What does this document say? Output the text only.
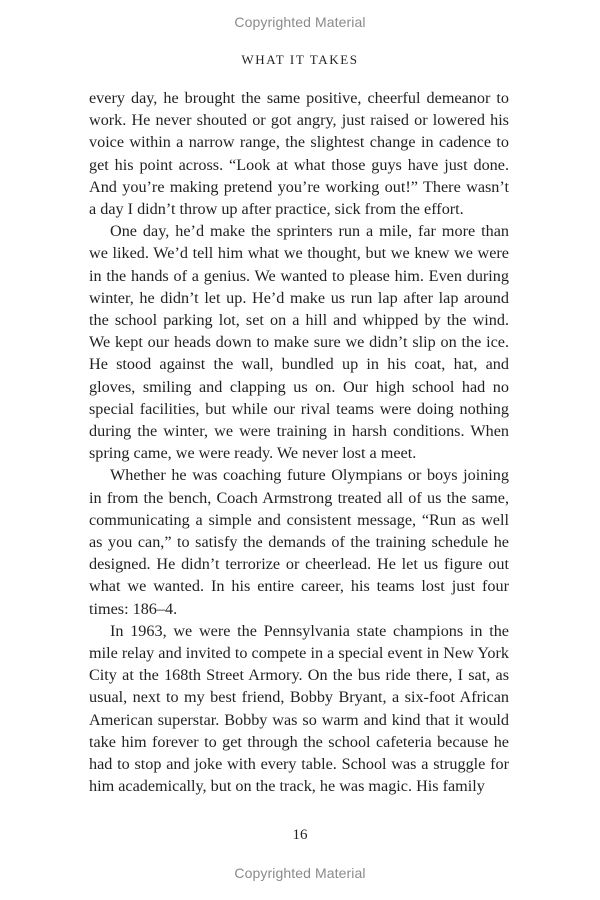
Copyrighted Material
WHAT IT TAKES

every day, he brought the same positive, cheerful demeanor to work. He never shouted or got angry, just raised or lowered his voice within a narrow range, the slightest change in cadence to get his point across. “Look at what those guys have just done. And you’re making pretend you’re working out!” There wasn’t a day I didn’t throw up after practice, sick from the effort.

One day, he’d make the sprinters run a mile, far more than we liked. We’d tell him what we thought, but we knew we were in the hands of a genius. We wanted to please him. Even during winter, he didn’t let up. He’d make us run lap after lap around the school parking lot, set on a hill and whipped by the wind. We kept our heads down to make sure we didn’t slip on the ice. He stood against the wall, bundled up in his coat, hat, and gloves, smiling and clapping us on. Our high school had no special facilities, but while our rival teams were doing nothing during the winter, we were training in harsh conditions. When spring came, we were ready. We never lost a meet.

Whether he was coaching future Olympians or boys joining in from the bench, Coach Armstrong treated all of us the same, communicating a simple and consistent message, “Run as well as you can,” to satisfy the demands of the training schedule he designed. He didn’t terrorize or cheerlead. He let us figure out what we wanted. In his entire career, his teams lost just four times: 186–4.

In 1963, we were the Pennsylvania state champions in the mile relay and invited to compete in a special event in New York City at the 168th Street Armory. On the bus ride there, I sat, as usual, next to my best friend, Bobby Bryant, a six-foot African American superstar. Bobby was so warm and kind that it would take him forever to get through the school cafeteria because he had to stop and joke with every table. School was a struggle for him academically, but on the track, he was magic. His family

16
Copyrighted Material
